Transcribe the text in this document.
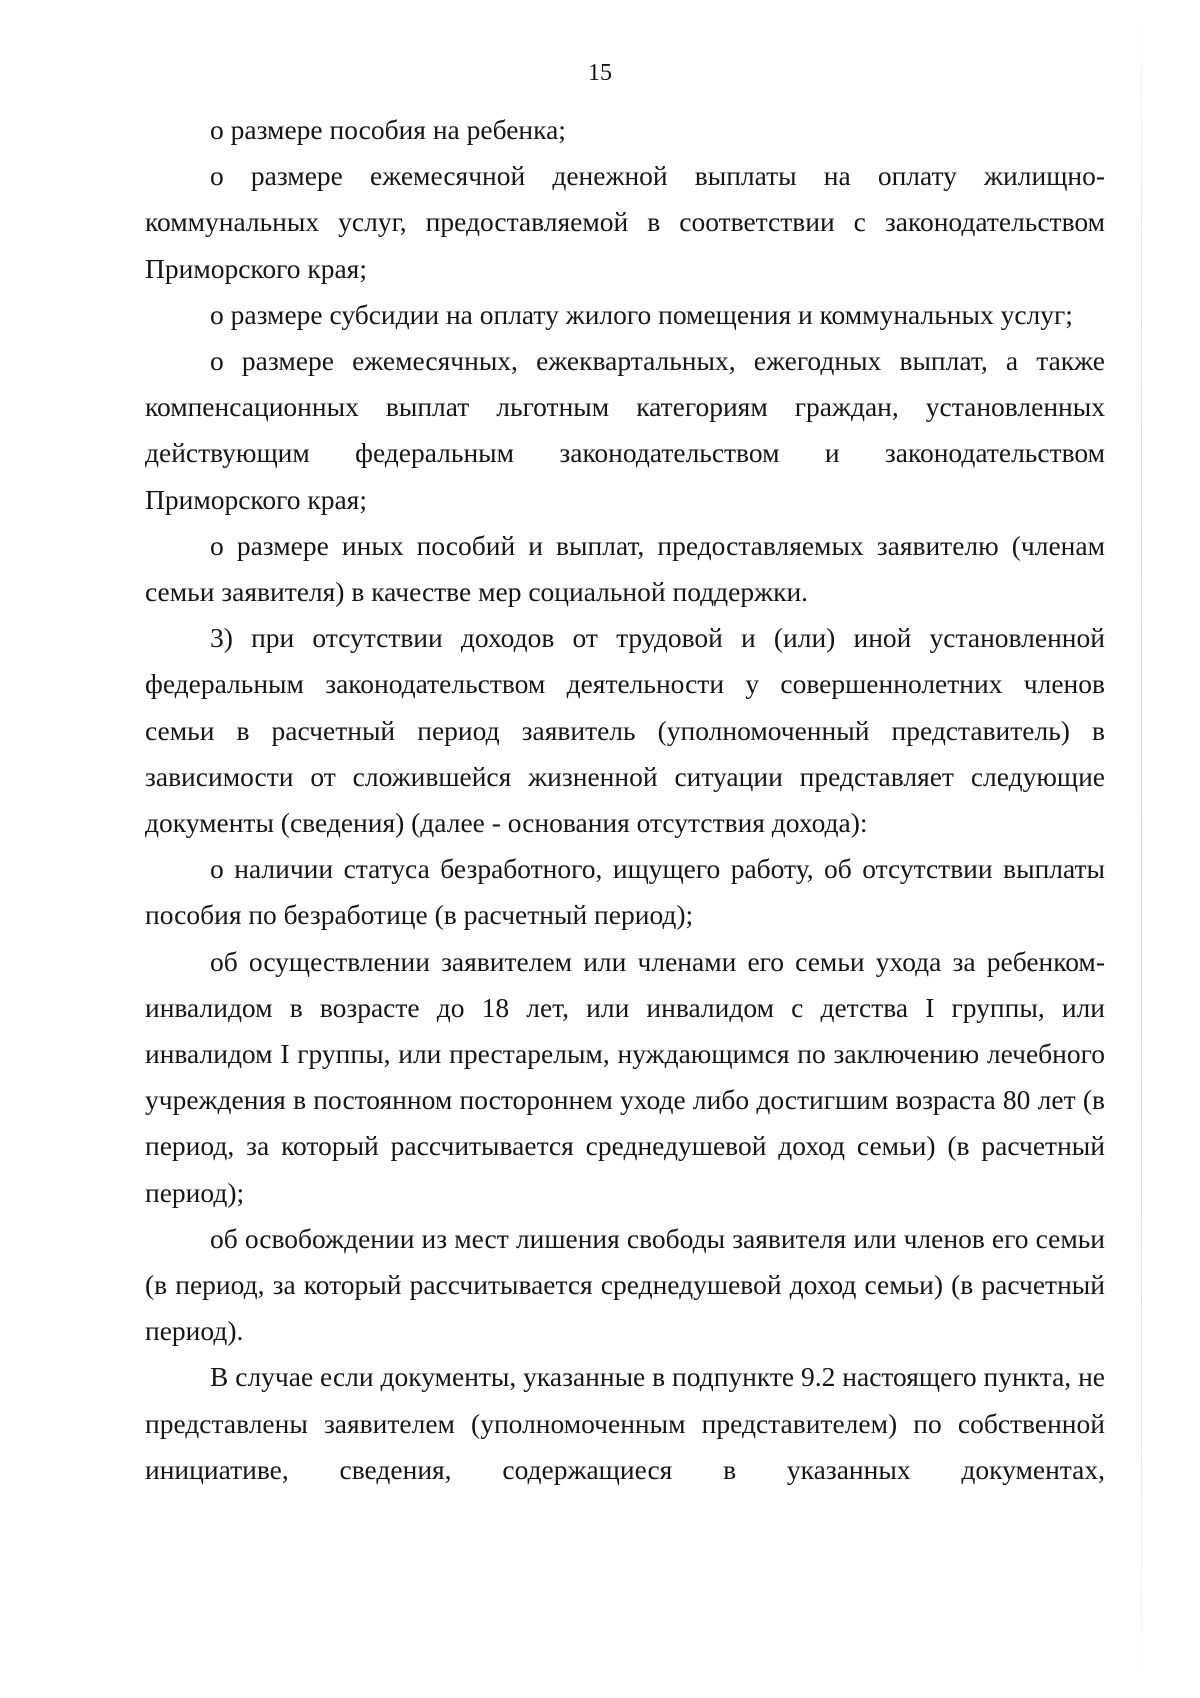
15

о размере пособия на ребенка;

о размере ежемесячной денежной выплаты на оплату жилищно-коммунальных услуг, предоставляемой в соответствии с законодательством Приморского края;

о размере субсидии на оплату жилого помещения и коммунальных услуг;

о размере ежемесячных, ежеквартальных, ежегодных выплат, а также компенсационных выплат льготным категориям граждан, установленных действующим федеральным законодательством и законодательством Приморского края;

о размере иных пособий и выплат, предоставляемых заявителю (членам семьи заявителя) в качестве мер социальной поддержки.

3) при отсутствии доходов от трудовой и (или) иной установленной федеральным законодательством деятельности у совершеннолетних членов семьи в расчетный период заявитель (уполномоченный представитель) в зависимости от сложившейся жизненной ситуации представляет следующие документы (сведения) (далее - основания отсутствия дохода):

о наличии статуса безработного, ищущего работу, об отсутствии выплаты пособия по безработице (в расчетный период);

об осуществлении заявителем или членами его семьи ухода за ребенком-инвалидом в возрасте до 18 лет, или инвалидом с детства I группы, или инвалидом I группы, или престарелым, нуждающимся по заключению лечебного учреждения в постоянном постороннем уходе либо достигшим возраста 80 лет (в период, за который рассчитывается среднедушевой доход семьи) (в расчетный период);

об освобождении из мест лишения свободы заявителя или членов его семьи (в период, за который рассчитывается среднедушевой доход семьи) (в расчетный период).

В случае если документы, указанные в подпункте 9.2 настоящего пункта, не представлены заявителем (уполномоченным представителем) по собственной инициативе, сведения, содержащиеся в указанных документах,
